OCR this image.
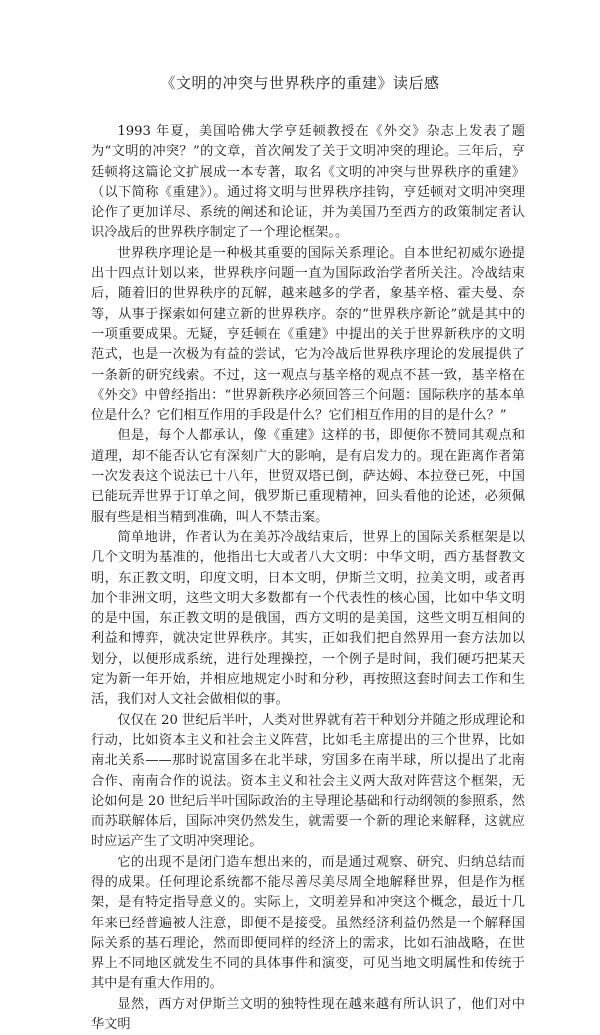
《文明的冲突与世界秩序的重建》读后感

1993 年夏，美国哈佛大学亨廷顿教授在《外交》杂志上发表了题为“文明的冲突？”的文章，首次阐发了关于文明冲突的理论。三年后，亨廷顿将这篇论文扩展成一本专著，取名《文明的冲突与世界秩序的重建》（以下简称《重建》）。通过将文明与世界秩序挂钩，亨廷顿对文明冲突理论作了更加详尽、系统的阐述和论证，并为美国乃至西方的政策制定者认识冷战后的世界秩序制定了一个理论框架。。

世界秩序理论是一种极其重要的国际关系理论。自本世纪初威尔逊提出十四点计划以来，世界秩序问题一直为国际政治学者所关注。冷战结束后，随着旧的世界秩序的瓦解，越来越多的学者，象基辛格、霍夫曼、奈等，从事于探索如何建立新的世界秩序。奈的“世界秩序新论”就是其中的一项重要成果。无疑，亨廷顿在《重建》中提出的关于世界新秩序的文明范式，也是一次极为有益的尝试，它为冷战后世界秩序理论的发展提供了一条新的研究线索。不过，这一观点与基辛格的观点不甚一致，基辛格在《外交》中曾经指出：“世界新秩序必须回答三个问题：国际秩序的基本单位是什么？它们相互作用的手段是什么？它们相互作用的目的是什么？”

但是，每个人都承认，像《重建》这样的书，即便你不赞同其观点和道理，却不能否认它有深刻广大的影响，是有启发力的。现在距离作者第一次发表这个说法已十八年，世贸双塔已倒，萨达姆、本拉登已死，中国已能玩弄世界于订单之间，俄罗斯已重现精神，回头看他的论述，必须佩服有些是相当精到准确，叫人不禁击案。

简单地讲，作者认为在美苏冷战结束后，世界上的国际关系框架是以几个文明为基准的，他指出七大或者八大文明：中华文明，西方基督教文明，东正教文明，印度文明，日本文明，伊斯兰文明，拉美文明，或者再加个非洲文明，这些文明大多数都有一个代表性的核心国，比如中华文明的是中国，东正教文明的是俄国，西方文明的是美国，这些文明互相间的利益和博弈，就决定世界秩序。其实，正如我们把自然界用一套方法加以划分，以便形成系统，进行处理操控，一个例子是时间，我们硬巧把某天定为新一年开始，并相应地规定小时和分秒，再按照这套时间去工作和生活，我们对人文社会做相似的事。

仅仅在 20 世纪后半叶，人类对世界就有若干种划分并随之形成理论和行动，比如资本主义和社会主义阵营，比如毛主席提出的三个世界，比如南北关系——那时说富国多在北半球，穷国多在南半球，所以提出了北南合作、南南合作的说法。资本主义和社会主义两大敌对阵营这个框架，无论如何是 20 世纪后半叶国际政治的主导理论基础和行动纲领的参照系，然而苏联解体后，国际冲突仍然发生，就需要一个新的理论来解释，这就应时应运产生了文明冲突理论。

它的出现不是闭门造车想出来的，而是通过观察、研究、归纳总结而得的成果。任何理论系统都不能尽善尽美尽周全地解释世界，但是作为框架，是有特定指导意义的。实际上，文明差异和冲突这个概念，最近十几年来已经普遍被人注意，即便不是接受。虽然经济利益仍然是一个解释国际关系的基石理论，然而即便同样的经济上的需求，比如石油战略，在世界上不同地区就发生不同的具体事件和演变，可见当地文明属性和传统于其中是有重大作用的。

显然，西方对伊斯兰文明的独特性现在越来越有所认识了，他们对中华文明
